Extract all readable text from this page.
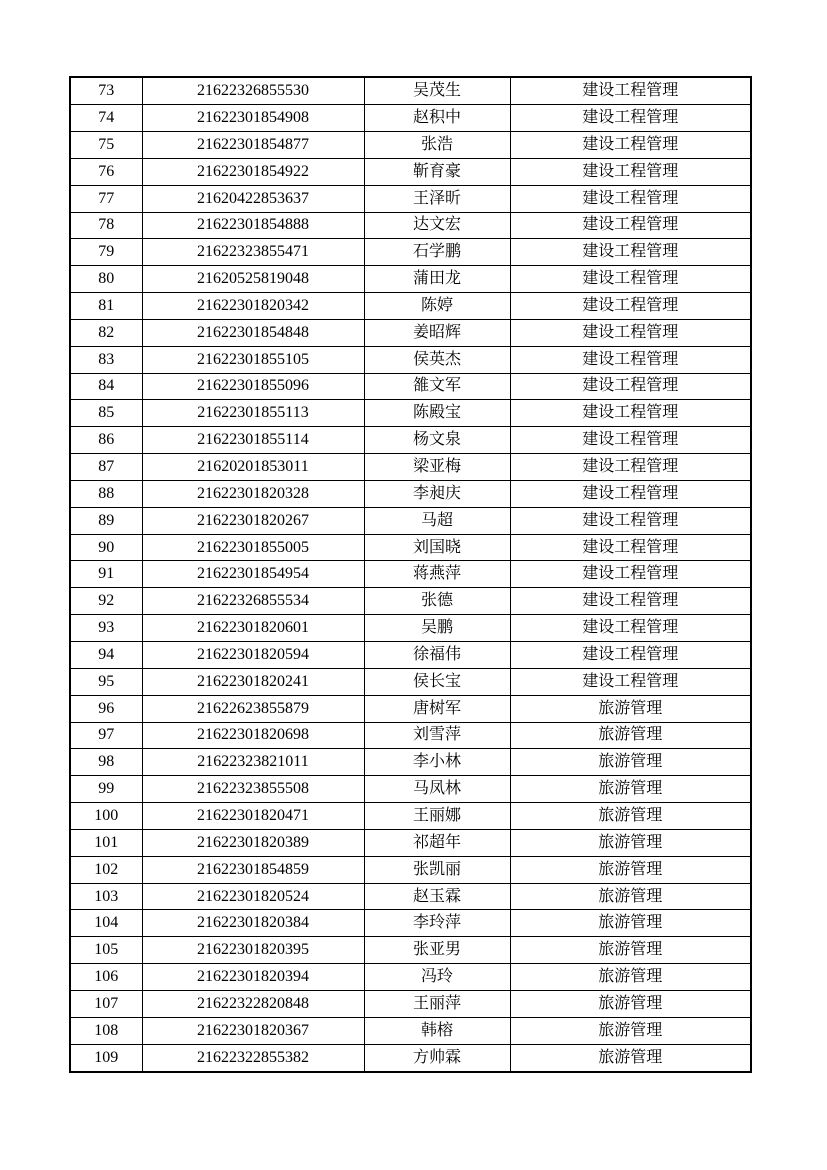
73	21622326855530	吴茂生	建设工程管理
74	21622301854908	赵积中	建设工程管理
75	21622301854877	张浩	建设工程管理
76	21622301854922	靳育豪	建设工程管理
77	21620422853637	王泽昕	建设工程管理
78	21622301854888	达文宏	建设工程管理
79	21622323855471	石学鹏	建设工程管理
80	21620525819048	蒲田龙	建设工程管理
81	21622301820342	陈婷	建设工程管理
82	21622301854848	姜昭辉	建设工程管理
83	21622301855105	侯英杰	建设工程管理
84	21622301855096	雒文军	建设工程管理
85	21622301855113	陈殿宝	建设工程管理
86	21622301855114	杨文泉	建设工程管理
87	21620201853011	梁亚梅	建设工程管理
88	21622301820328	李昶庆	建设工程管理
89	21622301820267	马超	建设工程管理
90	21622301855005	刘国晓	建设工程管理
91	21622301854954	蒋燕萍	建设工程管理
92	21622326855534	张德	建设工程管理
93	21622301820601	吴鹏	建设工程管理
94	21622301820594	徐福伟	建设工程管理
95	21622301820241	侯长宝	建设工程管理
96	21622623855879	唐树军	旅游管理
97	21622301820698	刘雪萍	旅游管理
98	21622323821011	李小林	旅游管理
99	21622323855508	马凤林	旅游管理
100	21622301820471	王丽娜	旅游管理
101	21622301820389	祁超年	旅游管理
102	21622301854859	张凯丽	旅游管理
103	21622301820524	赵玉霖	旅游管理
104	21622301820384	李玲萍	旅游管理
105	21622301820395	张亚男	旅游管理
106	21622301820394	冯玲	旅游管理
107	21622322820848	王丽萍	旅游管理
108	21622301820367	韩榕	旅游管理
109	21622322855382	方帅霖	旅游管理
